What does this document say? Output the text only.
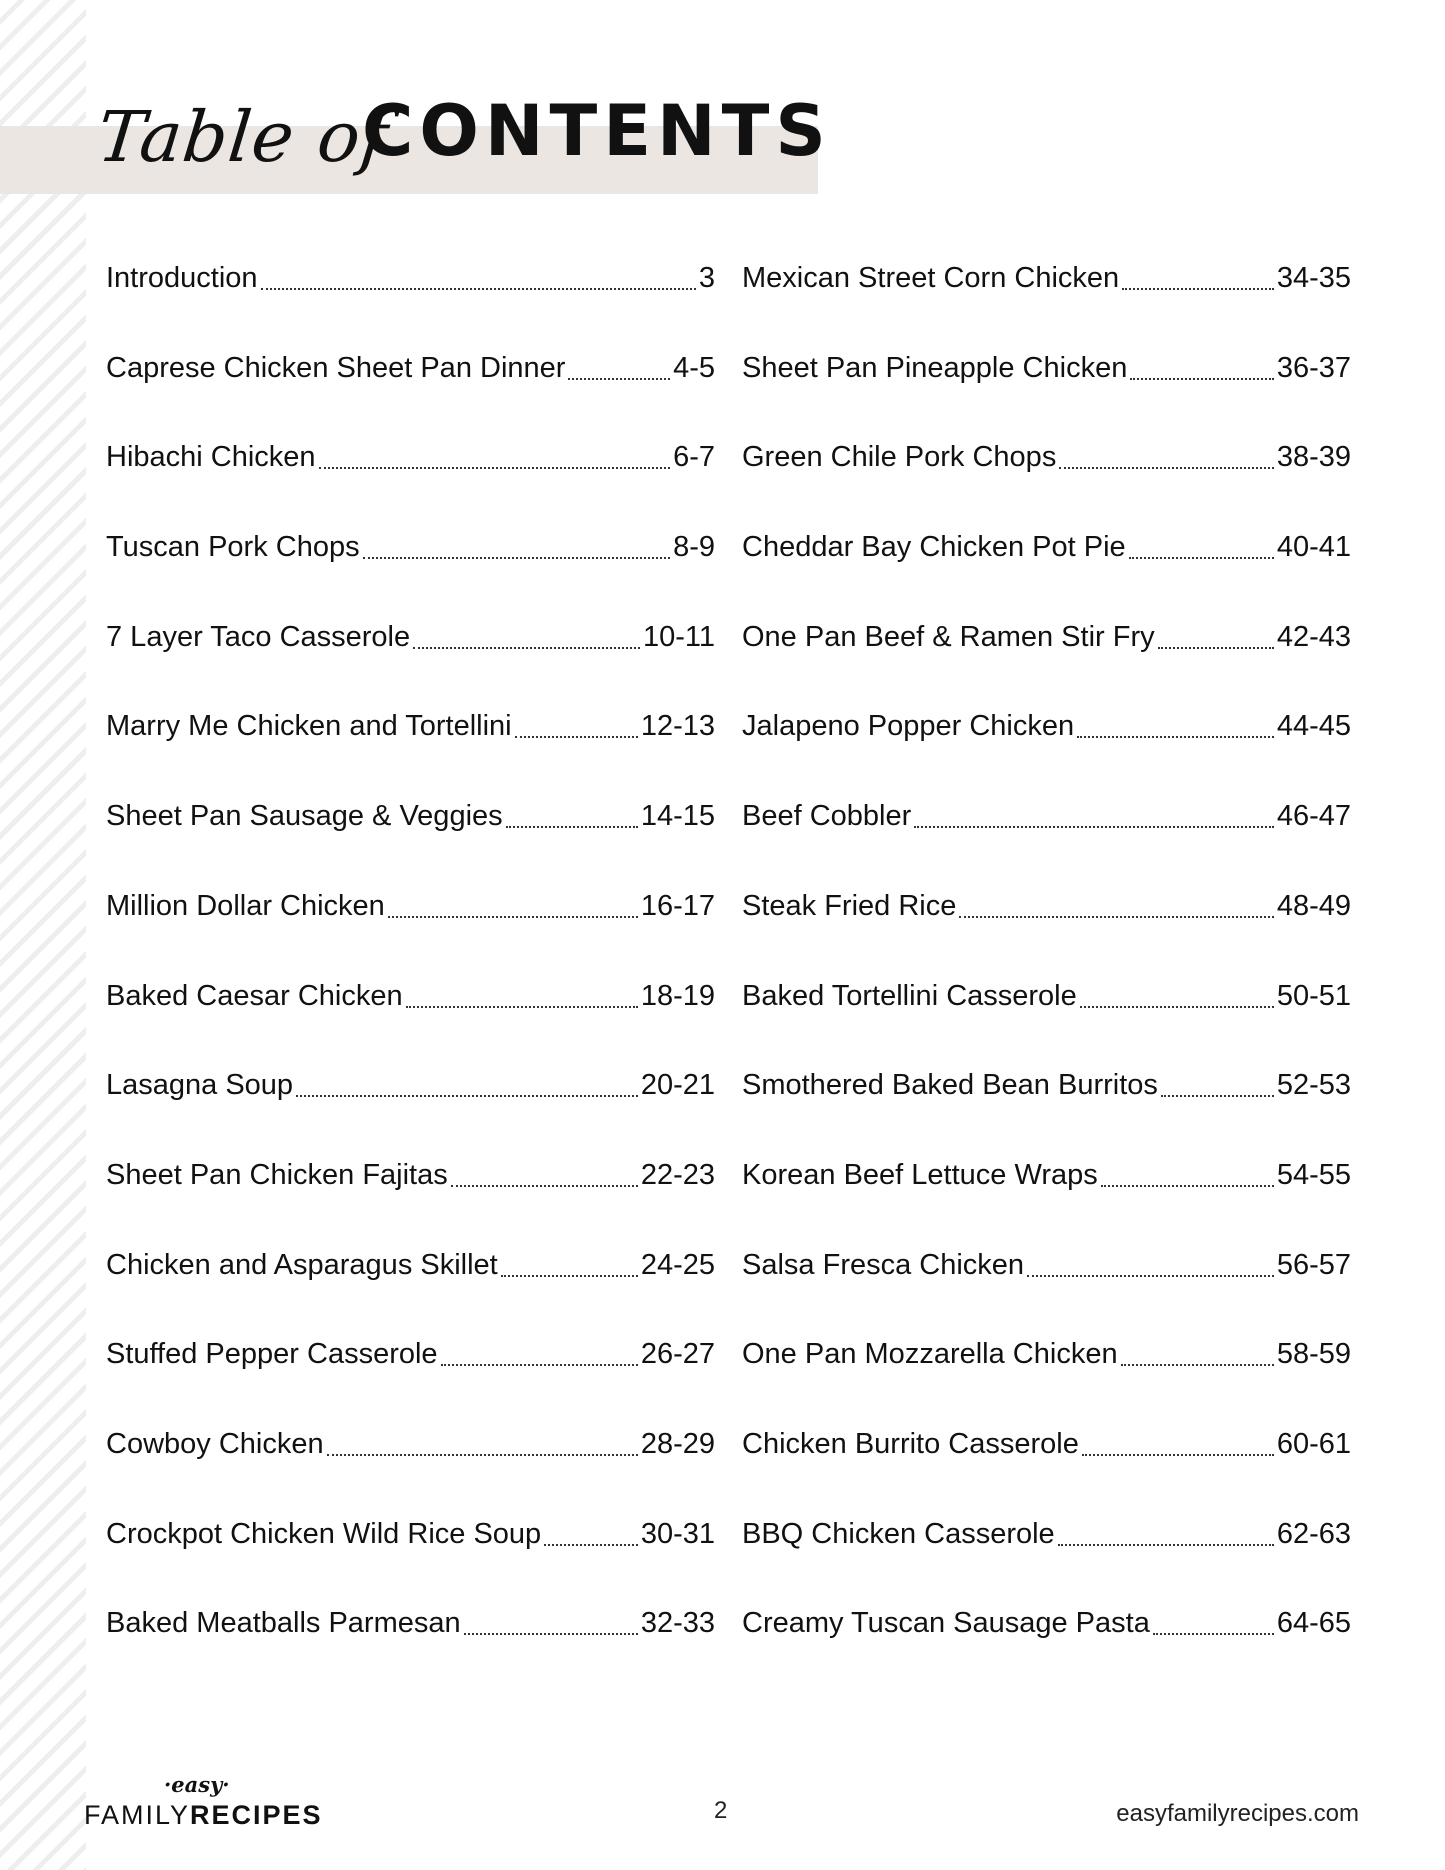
Table of
CONTENTS
Introduction	3
Caprese Chicken Sheet Pan Dinner	4-5
Hibachi Chicken	6-7
Tuscan Pork Chops	8-9
7 Layer Taco Casserole	10-11
Marry Me Chicken and Tortellini	12-13
Sheet Pan Sausage & Veggies	14-15
Million Dollar Chicken	16-17
Baked Caesar Chicken	18-19
Lasagna Soup	20-21
Sheet Pan Chicken Fajitas	22-23
Chicken and Asparagus Skillet	24-25
Stuffed Pepper Casserole	26-27
Cowboy Chicken	28-29
Crockpot Chicken Wild Rice Soup	30-31
Baked Meatballs Parmesan	32-33
Mexican Street Corn Chicken	34-35
Sheet Pan Pineapple Chicken	36-37
Green Chile Pork Chops	38-39
Cheddar Bay Chicken Pot Pie	40-41
One Pan Beef & Ramen Stir Fry	42-43
Jalapeno Popper Chicken	44-45
Beef Cobbler	46-47
Steak Fried Rice	48-49
Baked Tortellini Casserole	50-51
Smothered Baked Bean Burritos	52-53
Korean Beef Lettuce Wraps	54-55
Salsa Fresca Chicken	56-57
One Pan Mozzarella Chicken	58-59
Chicken Burrito Casserole	60-61
BBQ Chicken Casserole	62-63
Creamy Tuscan Sausage Pasta	64-65
·easy·
FAMILYRECIPES	2	easyfamilyrecipes.com
